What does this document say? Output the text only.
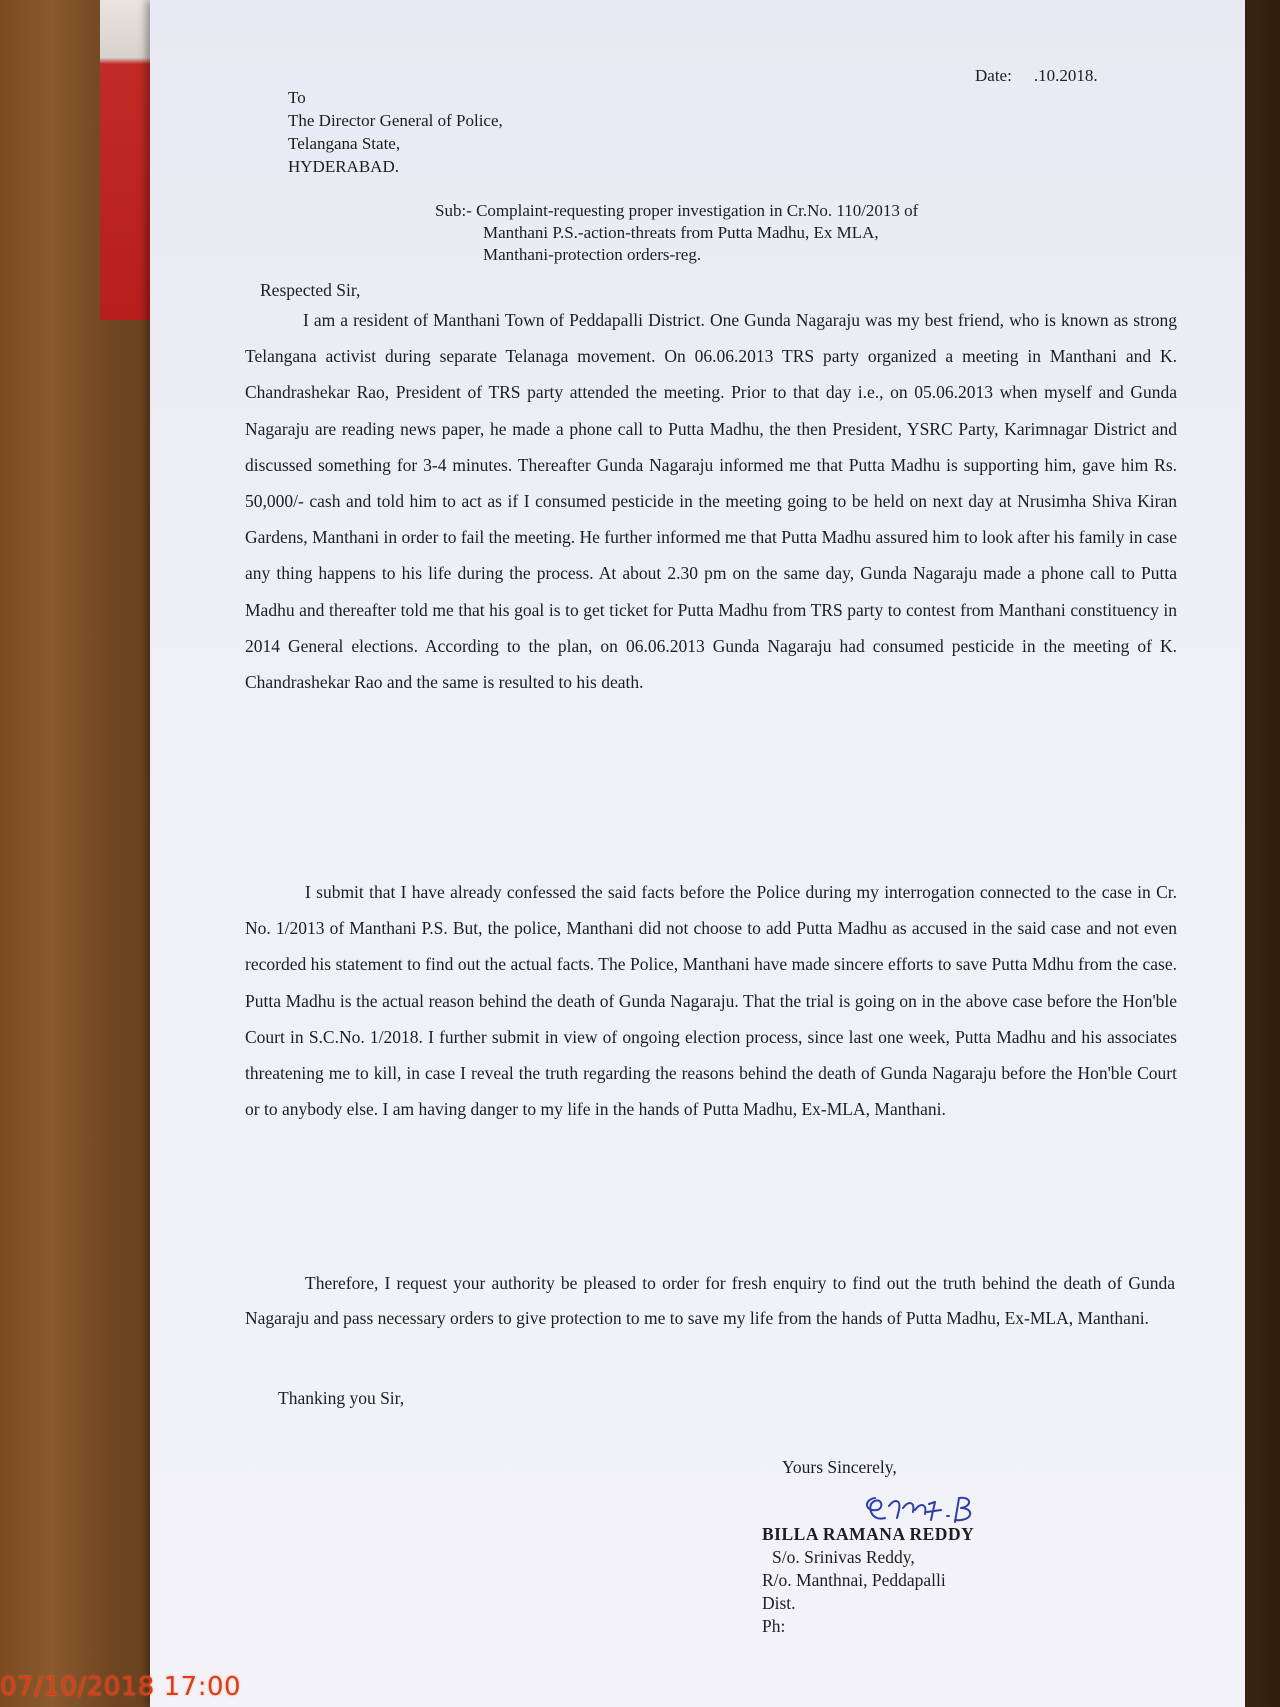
Date: .10.2018.
To
The Director General of Police,
Telangana State,
HYDERABAD.
Sub:- Complaint-requesting proper investigation in Cr.No. 110/2013 of
Manthani P.S.-action-threats from Putta Madhu, Ex MLA,
Manthani-protection orders-reg.
Respected Sir,
I am a resident of Manthani Town of Peddapalli District. One Gunda Nagaraju was my best friend, who is known as strong Telangana activist during separate Telanaga movement. On 06.06.2013 TRS party organized a meeting in Manthani and K. Chandrashekar Rao, President of TRS party attended the meeting. Prior to that day i.e., on 05.06.2013 when myself and Gunda Nagaraju are reading news paper, he made a phone call to Putta Madhu, the then President, YSRC Party, Karimnagar District and discussed something for 3-4 minutes. Thereafter Gunda Nagaraju informed me that Putta Madhu is supporting him, gave him Rs. 50,000/- cash and told him to act as if I consumed pesticide in the meeting going to be held on next day at Nrusimha Shiva Kiran Gardens, Manthani in order to fail the meeting. He further informed me that Putta Madhu assured him to look after his family in case any thing happens to his life during the process. At about 2.30 pm on the same day, Gunda Nagaraju made a phone call to Putta Madhu and thereafter told me that his goal is to get ticket for Putta Madhu from TRS party to contest from Manthani constituency in 2014 General elections. According to the plan, on 06.06.2013 Gunda Nagaraju had consumed pesticide in the meeting of K. Chandrashekar Rao and the same is resulted to his death.
I submit that I have already confessed the said facts before the Police during my interrogation connected to the case in Cr. No. 1/2013 of Manthani P.S. But, the police, Manthani did not choose to add Putta Madhu as accused in the said case and not even recorded his statement to find out the actual facts. The Police, Manthani have made sincere efforts to save Putta Mdhu from the case. Putta Madhu is the actual reason behind the death of Gunda Nagaraju. That the trial is going on in the above case before the Hon'ble Court in S.C.No. 1/2018. I further submit in view of ongoing election process, since last one week, Putta Madhu and his associates threatening me to kill, in case I reveal the truth regarding the reasons behind the death of Gunda Nagaraju before the Hon'ble Court or to anybody else. I am having danger to my life in the hands of Putta Madhu, Ex-MLA, Manthani.
Therefore, I request your authority be pleased to order for fresh enquiry to find out the truth behind the death of Gunda Nagaraju and pass necessary orders to give protection to me to save my life from the hands of Putta Madhu, Ex-MLA, Manthani.
Thanking you Sir,
Yours Sincerely,
BILLA RAMANA REDDY
S/o. Srinivas Reddy,
R/o. Manthnai, Peddapalli
Dist.
Ph:
07/10/2018 17:00
